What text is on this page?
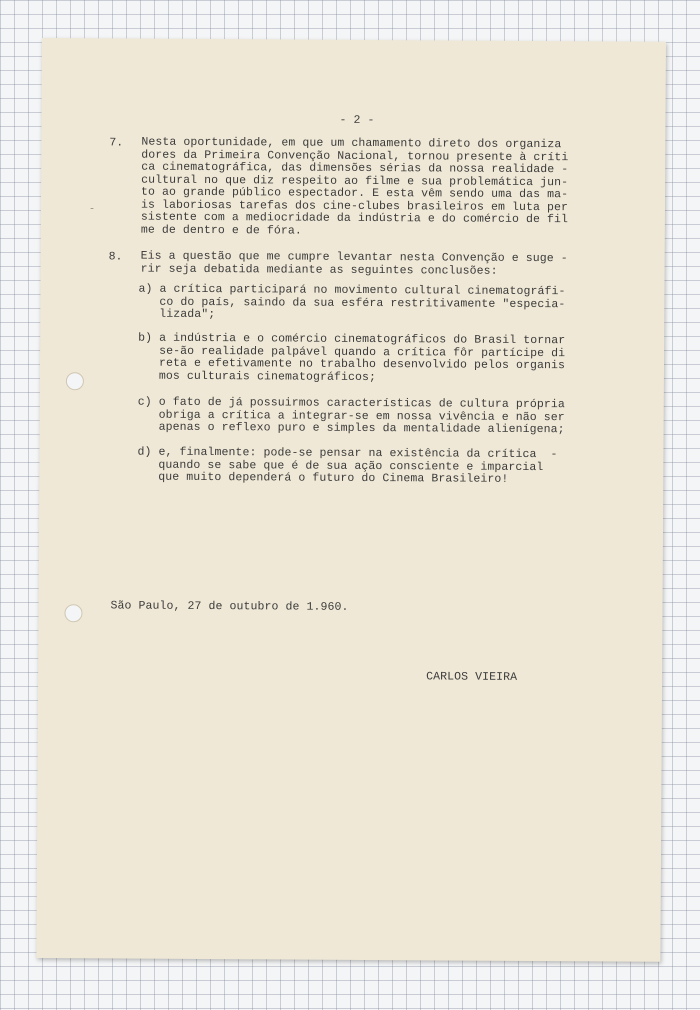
-
- 2 -
7. Nesta oportunidade, em que um chamamento direto dos organiza
dores da Primeira Convenção Nacional, tornou presente à críti
ca cinematográfica, das dimensões sérias da nossa realidade -
cultural no que diz respeito ao filme e sua problemática jun-
to ao grande público espectador. E esta vêm sendo uma das ma-
is laboriosas tarefas dos cine-clubes brasileiros em luta per
sistente com a mediocridade da indústria e do comércio de fil
me de dentro e de fóra.
8. Eis a questão que me cumpre levantar nesta Convenção e suge -
rir seja debatida mediante as seguintes conclusões:
a) a crítica participará no movimento cultural cinematográfi-
co do país, saindo da sua esféra restritivamente "especia-
lizada";
b) a indústria e o comércio cinematográficos do Brasil tornar
se-ão realidade palpável quando a crítica fôr partícipe di
reta e efetivamente no trabalho desenvolvido pelos organis
mos culturais cinematográficos;
c) o fato de já possuirmos características de cultura própria
obriga a crítica a integrar-se em nossa vivência e não ser
apenas o reflexo puro e simples da mentalidade alienígena;
d) e, finalmente: pode-se pensar na existência da crítica  -
quando se sabe que é de sua ação consciente e imparcial
que muito dependerá o futuro do Cinema Brasileiro!
São Paulo, 27 de outubro de 1.960.
CARLOS VIEIRA
